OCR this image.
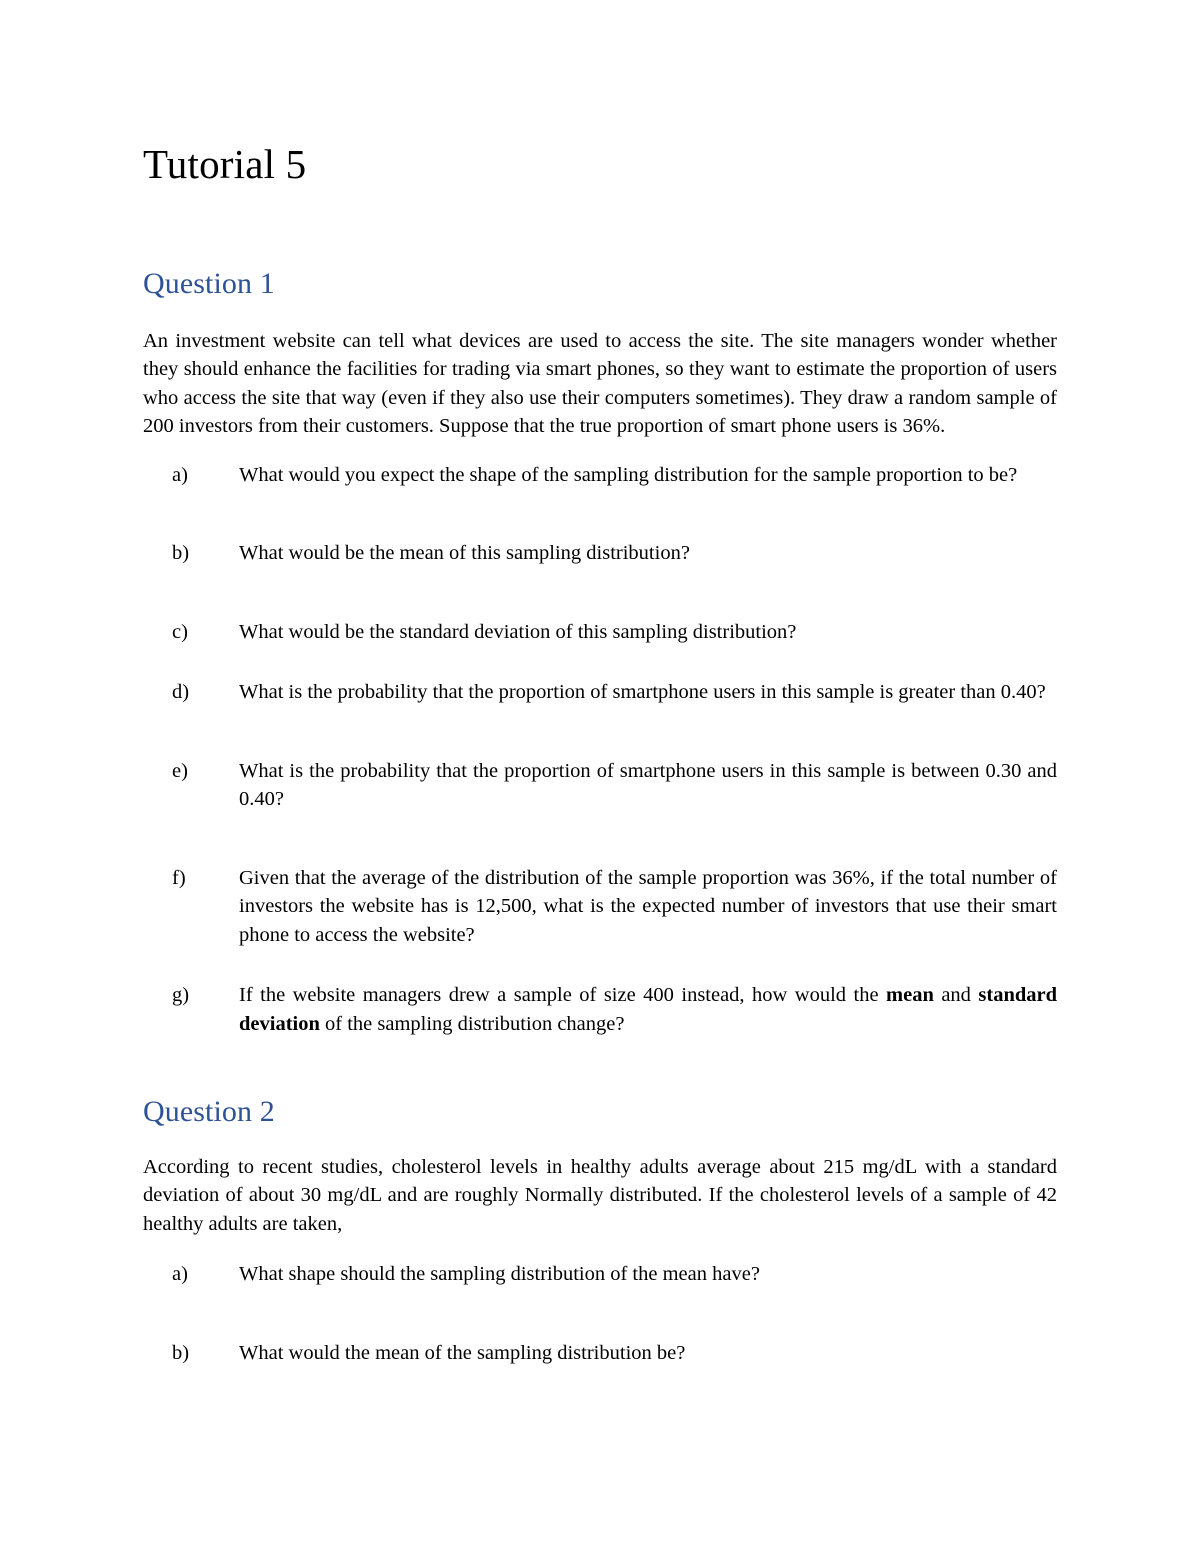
Tutorial 5
Question 1

An investment website can tell what devices are used to access the site. The site managers wonder whether they should enhance the facilities for trading via smart phones, so they want to estimate the proportion of users who access the site that way (even if they also use their computers sometimes). They draw a random sample of 200 investors from their customers. Suppose that the true proportion of smart phone users is 36%.

a)	What would you expect the shape of the sampling distribution for the sample proportion to be?
b)	What would be the mean of this sampling distribution?
c)	What would be the standard deviation of this sampling distribution?
d)	What is the probability that the proportion of smartphone users in this sample is greater than 0.40?
e)	What is the probability that the proportion of smartphone users in this sample is between 0.30 and 0.40?
f)	Given that the average of the distribution of the sample proportion was 36%, if the total number of investors the website has is 12,500, what is the expected number of investors that use their smart phone to access the website?
g)	If the website managers drew a sample of size 400 instead, how would the mean and standard deviation of the sampling distribution change?
Question 2

According to recent studies, cholesterol levels in healthy adults average about 215 mg/dL with a standard deviation of about 30 mg/dL and are roughly Normally distributed. If the cholesterol levels of a sample of 42 healthy adults are taken,

a)	What shape should the sampling distribution of the mean have?
b)	What would the mean of the sampling distribution be?
